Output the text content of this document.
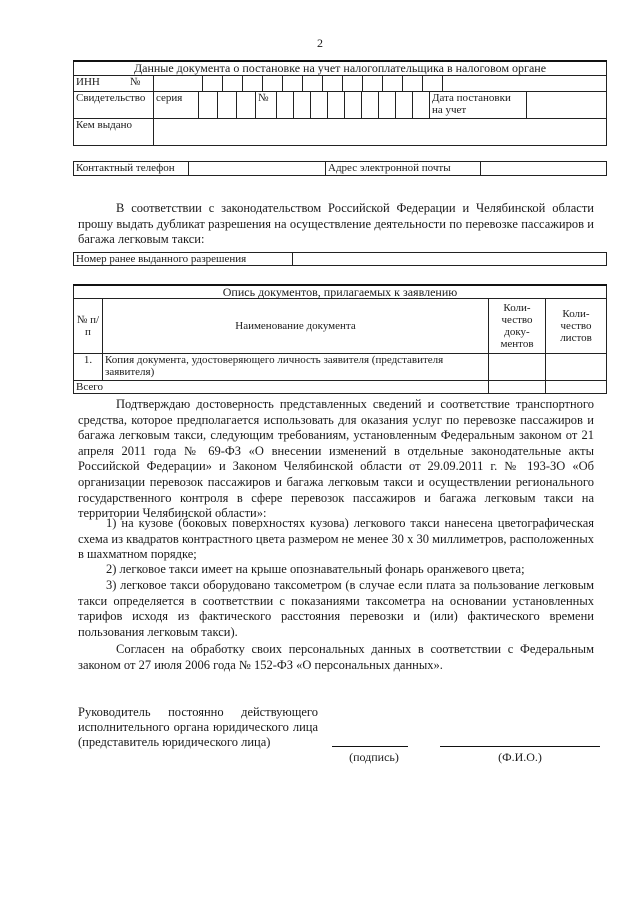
2
Данные документа о постановке на учет налогоплательщика в налоговом органе			
ИНН №			

Свидетельство	серия №	Дата постановки на учет	
Кем выдано			
Контактный телефон		Адрес электронной почты	
В соответствии с законодательством Российской Федерации и Челябинской области прошу выдать дубликат разрешения на осуществление деятельности по перевозке пассажиров и багажа легковым такси:
Номер ранее выданного разрешения	
Опись документов, прилагаемых к заявлению			
№ п/п	Наименование документа	Коли-чество доку-ментов	Коли-чество листов
1.	Копия документа, удостоверяющего личность заявителя (представителя заявителя)		
Всего			
Подтверждаю достоверность представленных сведений и соответствие транспортного средства, которое предполагается использовать для оказания услуг по перевозке пассажиров и багажа легковым такси, следующим требованиям, установленным Федеральным законом от 21 апреля 2011 года № 69-ФЗ «О внесении изменений в отдельные законодательные акты Российской Федерации» и Законом Челябинской области от 29.09.2011 г. № 193-ЗО «Об организации перевозок пассажиров и багажа легковым такси и осуществлении регионального государственного контроля в сфере перевозок пассажиров и багажа легковым такси на территории Челябинской области»:
1) на кузове (боковых поверхностях кузова) легкового такси нанесена цветографическая схема из квадратов контрастного цвета размером не менее 30 х 30 миллиметров, расположенных в шахматном порядке;
2) легковое такси имеет на крыше опознавательный фонарь оранжевого цвета;
3) легковое такси оборудовано таксометром (в случае если плата за пользование легковым такси определяется в соответствии с показаниями таксометра на основании установленных тарифов исходя из фактического расстояния перевозки и (или) фактического времени пользования легковым такси).
Согласен на обработку своих персональных данных в соответствии с Федеральным законом от 27 июля 2006 года № 152-ФЗ «О персональных данных».
Руководитель постоянно действующего исполнительного органа юридического лица (представитель юридического лица)
(подпись)	(Ф.И.О.)
